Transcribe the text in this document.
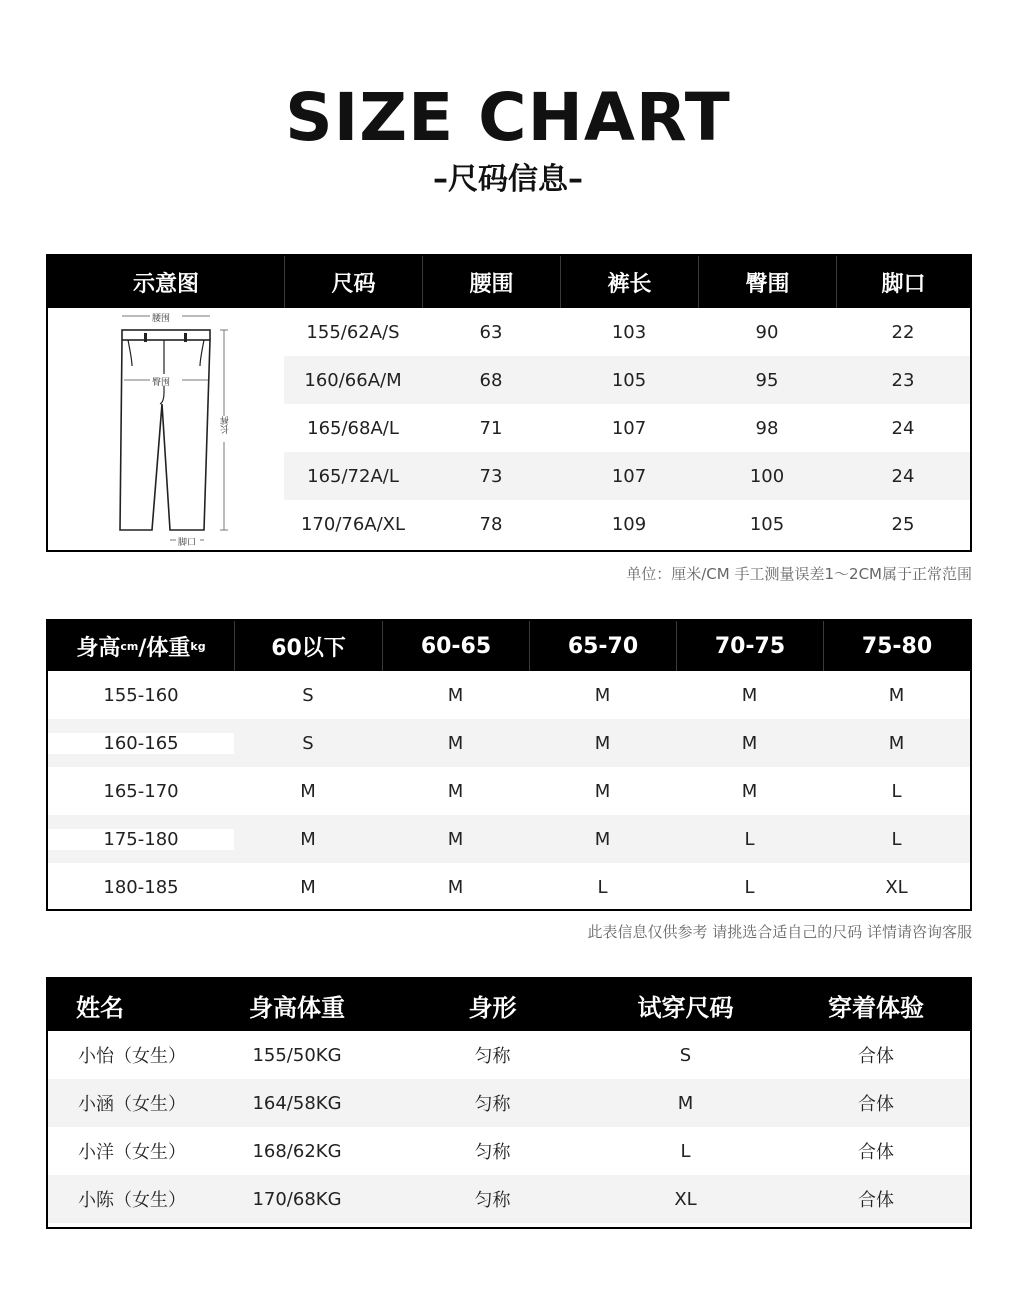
SIZE CHART
–尺码信息–
示意图	尺码	腰围	裤长	臀围	脚口
腰围
臀围
长裤
脚口
155/62A/S	63	103	90	22
160/66A/M	68	105	95	23
165/68A/L	71	107	98	24
165/72A/L	73	107	100	24
170/76A/XL	78	109	105	25
单位：厘米/CM 手工测量误差1～2CM属于正常范围
身高 cm /体重 kg	60以下	60-65	65-70	70-75	75-80
155-160	S	M	M	M	M
160-165	S	M	M	M	M
165-170	M	M	M	M	L
175-180	M	M	M	L	L
180-185	M	M	L	L	XL
此表信息仅供参考 请挑选合适自己的尺码 详情请咨询客服
姓名	身高体重	身形	试穿尺码	穿着体验
小怡（女生）	155/50KG	匀称	S	合体
小涵（女生）	164/58KG	匀称	M	合体
小洋（女生）	168/62KG	匀称	L	合体
小陈（女生）	170/68KG	匀称	XL	合体
